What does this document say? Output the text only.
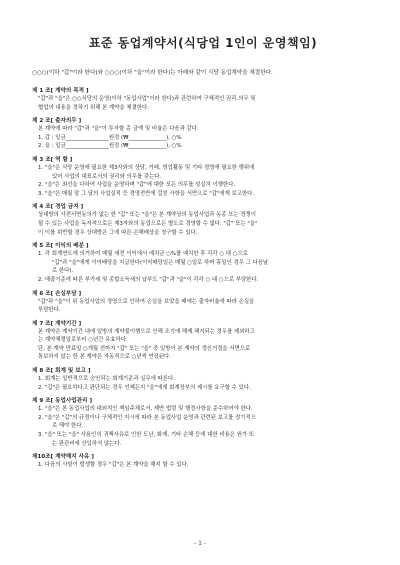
표준 동업계약서(식당업 1인이 운영책임)
○○○(이하 "갑"이라 한다)와 ○○○(이하 "을"이라 한다)는 아래와 같이 식당 동업계약을 체결한다.
제 1 조[ 계약의 목적 ]
"갑"과 "을"은 ○○식당의 운영(이하 "동업사업"이라 한다)과 관련하여 구체적인 권리․의무 및
협업의 내용을 정하기 위해 본 계약을 체결한다.
제 2 조[ 출자의무 ]
본 계약에 따라 "갑"과 "을"이 투자할 총 금액 및 비율은 다음과 같다.
1. 갑 : 일금________________원정 (₩______________), ○%
2. 을 : 일금________________원정 (₩______________), ○%
제 3 조[ 역 할 ]
1. "을"은 식당 운영에 필요한 제3자와의 상담, 거래, 영업활동 및 기타 경영에 필요한 행위에
있어 사업의 대표로서의 권리와 의무를 갖는다.
2. "을"은 최선을 다하여 사업을 운영하며 "갑"에 대한 모든 의무를 성실히 이행한다.
3. "을"은 매월 말 그 달의 사업실적 등 경영전반에 걸친 사항을 서면으로 "갑"에게 보고한다.
제 4 조[ 경업 금지 ]
상대방의 사전서면동의가 없는 한 "갑" 또는 "을"은 본 계약상의 동업사업과 동종 또는 경쟁이
될 수 있는 사업을 독자적으로든 제3자와의 동업으로든 별도로 경영할 수 없다. "갑" 또는 "을"
이 이를 위반할 경우 상대방은 그에 따른 손해배상을 청구할 수 있다.
제 5 조[ 이익의 배분 ]
1. 각 회계연도에 의거하여 매월 세전 이익에서 예치금 ○%를 예치한 후 각각 ○ 대 ○으로
"갑"과 "을"에게 이익배당을 지급한다(이익배당일은 매월 ○일로 하며 휴일인 경우 그 다음날
로 한다).
2. 매출기준에 따른 부가세 및 종합소득세의 납부도 "갑"과 "을"이 각각 ○ 대 ○으로 부담한다.
제 6 조[ 손실부담 ]
"갑"과 "을"이 위 동업사업의 경영으로 인하여 손실을 보았을 때에는 출자비율에 따라 손실을
부담한다.
제 7 조[ 계약기간 ]
본 계약은 계약기간 내에 일방의 계약불이행으로 인해 조기에 해제․해지되는 경우를 제외하고
는 계약체결일로부터 ○년간 유효하다.
단, 본 계약 만료일 ○개월 전까지 "갑" 또는 "을" 중 일방이 본 계약의 갱신거절을 서면으로
통보하지 않는 한 본 계약은 자동적으로 ○년씩 연장된다.
제 8 조[ 회계 및 보고 ]
1. 회계는 일반적으로 승인되는 회계기준과 실무에 따른다.
2. "갑"은 필요하다고 판단되는 경우 언제든지 "을"에게 회계장부의 제시를 요구할 수 있다.
제 9 조[ 동업사업관리 ]
1. "을"은 본 동업사업의 대외적인 책임주체로서, 제반 법령 및 행정사항을 준수하여야 한다.
2. "을"은 "갑"의 규정이나 구체적인 지시에 따라 본 동업사업 운영과 관련된 보고를 정기적으
로 해야 한다.
3. "을" 또는 "을" 사용인의 귀책사유로 인한 도난, 화재, 기타 손해 등에 대한 비용은 원가 또
는 판관비에 산입하지 않는다.
제10조[ 계약해지 사유 ]
1. 다음의 사항이 발생할 경우 "갑"은 본 계약을 해지 할 수 있다.
- 1 -
